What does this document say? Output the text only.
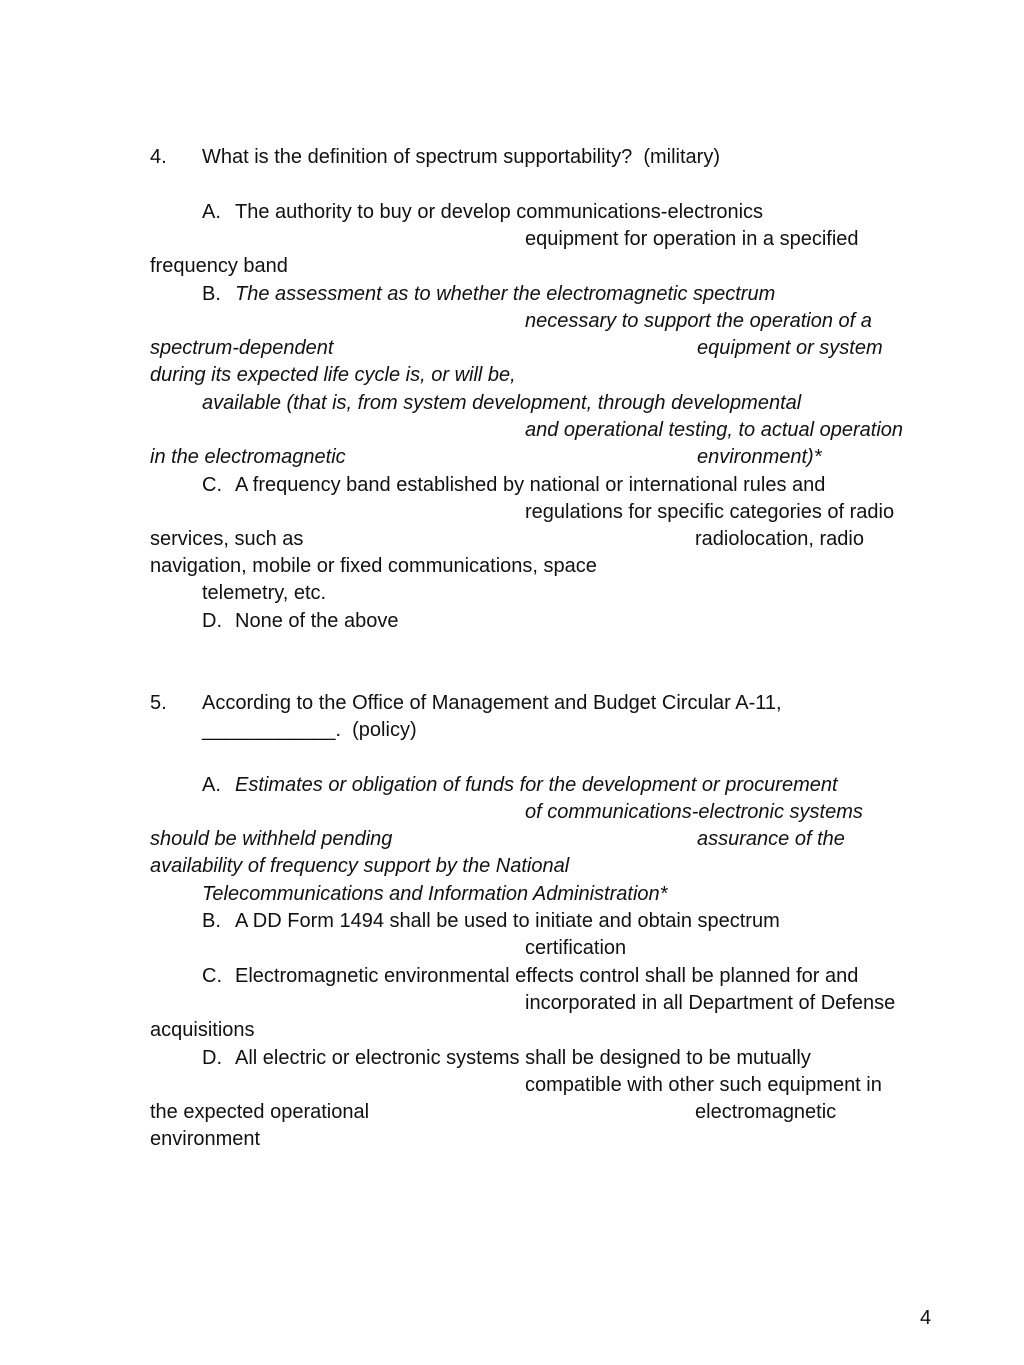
4. What is the definition of spectrum supportability?  (military)
A. The authority to buy or develop communications-electronics
equipment for operation in a specified
frequency band
B. The assessment as to whether the electromagnetic spectrum
necessary to support the operation of a
spectrum-dependent	equipment or system
during its expected life cycle is, or will be,
available (that is, from system development, through developmental
and operational testing, to actual operation
in the electromagnetic	environment)*
C. A frequency band established by national or international rules and
regulations for specific categories of radio
services, such as	radiolocation, radio
navigation, mobile or fixed communications, space
telemetry, etc.
D. None of the above
5. According to the Office of Management and Budget Circular A-11,
____________.  (policy)
A. Estimates or obligation of funds for the development or procurement
of communications-electronic systems
should be withheld pending	assurance of the
availability of frequency support by the National
Telecommunications and Information Administration*
B. A DD Form 1494 shall be used to initiate and obtain spectrum
certification
C. Electromagnetic environmental effects control shall be planned for and
incorporated in all Department of Defense
acquisitions
D. All electric or electronic systems shall be designed to be mutually
compatible with other such equipment in
the expected operational	electromagnetic
environment
4
